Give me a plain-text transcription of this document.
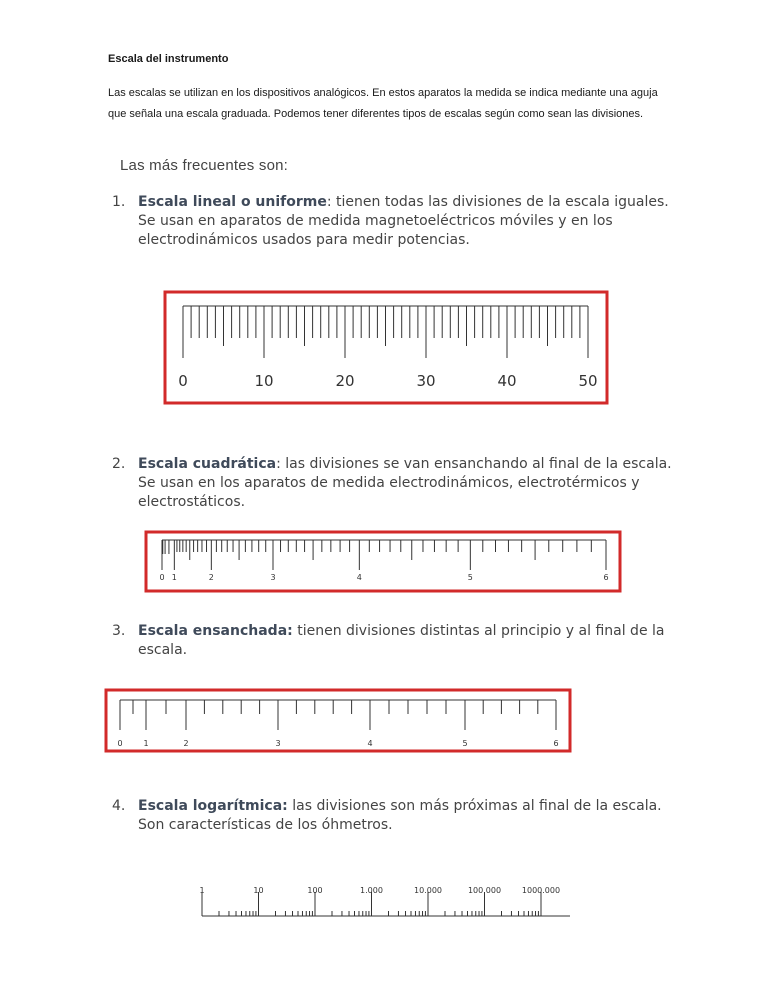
Escala del instrumento
Las escalas se utilizan en los dispositivos analógicos. En estos aparatos la medida se indica mediante una aguja que señala una escala graduada. Podemos tener diferentes tipos de escalas según como sean las divisiones.
Las más frecuentes son:
1. Escala lineal o uniforme: tienen todas las divisiones de la escala iguales. Se usan en aparatos de medida magnetoeléctricos móviles y en los electrodinámicos usados para medir potencias.
0	10	20	30	40	50
2. Escala cuadrática: las divisiones se van ensanchando al final de la escala. Se usan en los aparatos de medida electrodinámicos, electrotérmicos y electrostáticos.
0 1	2	3	4	5	6
3. Escala ensanchada: tienen divisiones distintas al principio y al final de la escala.
0	1	2	3	4	5	6
4. Escala logarítmica: las divisiones son más próximas al final de la escala. Son características de los óhmetros.
1	10	100	1.000	10.000	100.000	1000.000
